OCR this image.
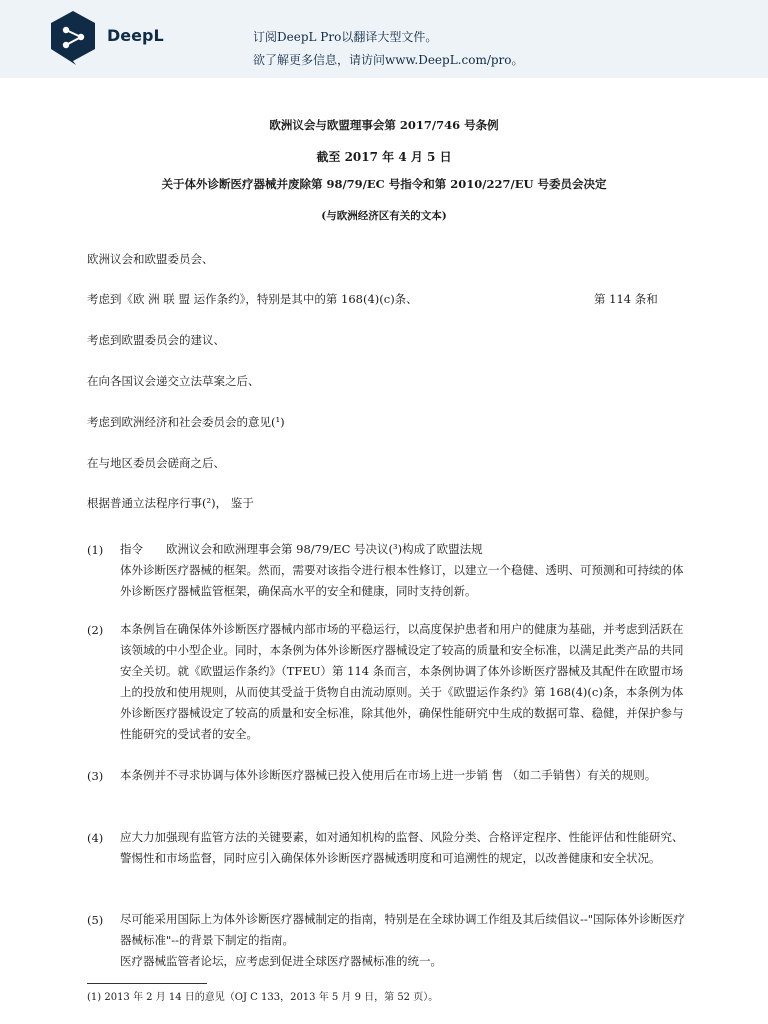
DeepL	订阅DeepL Pro以翻译大型文件。
欲了解更多信息，请访问www.DeepL.com/pro。
欧洲议会与欧盟理事会第 2017/746 号条例
截至 2017 年 4 月 5 日
关于体外诊断医疗器械并废除第 98/79/EC 号指令和第 2010/227/EU 号委员会决定
(与欧洲经济区有关的文本)
欧洲议会和欧盟委员会、
考虑到《欧 洲 联 盟 运作条约》，特别是其中的第 168(4)(c)条、	第 114 条和
考虑到欧盟委员会的建议、
在向各国议会递交立法草案之后、
考虑到欧洲经济和社会委员会的意见(¹)
在与地区委员会磋商之后、
根据普通立法程序行事(²)， 鉴于
(1) 指令　　欧洲议会和欧洲理事会第 98/79/EC 号决议(³)构成了欧盟法规

体外诊断医疗器械的框架。然而，需要对该指令进行根本性修订，以建立一个稳健、透明、可预测和可持续的体外诊断医疗器械监管框架，确保高水平的安全和健康，同时支持创新。

(2) 本条例旨在确保体外诊断医疗器械内部市场的平稳运行，以高度保护患者和用户的健康为基础，并考虑到活跃在该领域的中小型企业。同时，本条例为体外诊断医疗器械设定了较高的质量和安全标准，以满足此类产品的共同安全关切。就《欧盟运作条约》（TFEU）第 114 条而言，本条例协调了体外诊断医疗器械及其配件在欧盟市场上的投放和使用规则，从而使其受益于货物自由流动原则。关于《欧盟运作条约》第 168(4)(c)条，本条例为体外诊断医疗器械设定了较高的质量和安全标准，除其他外，确保性能研究中生成的数据可靠、稳健，并保护参与性能研究的受试者的安全。
(3) 本条例并不寻求协调与体外诊断医疗器械已投入使用后在市场上进一步销 售 （如二手销售）有关的规则。
(4) 应大力加强现有监管方法的关键要素，如对通知机构的监督、风险分类、合格评定程序、性能评估和性能研究、警惕性和市场监督，同时应引入确保体外诊断医疗器械透明度和可追溯性的规定，以改善健康和安全状况。
(5) 尽可能采用国际上为体外诊断医疗器械制定的指南，特别是在全球协调工作组及其后续倡议--"国际体外诊断医疗器械标准"--的背景下制定的指南。

医疗器械监管者论坛，应考虑到促进全球医疗器械标准的统一。

(1) 2013 年 2 月 14 日的意见（OJ C 133，2013 年 5 月 9 日，第 52 页）。
